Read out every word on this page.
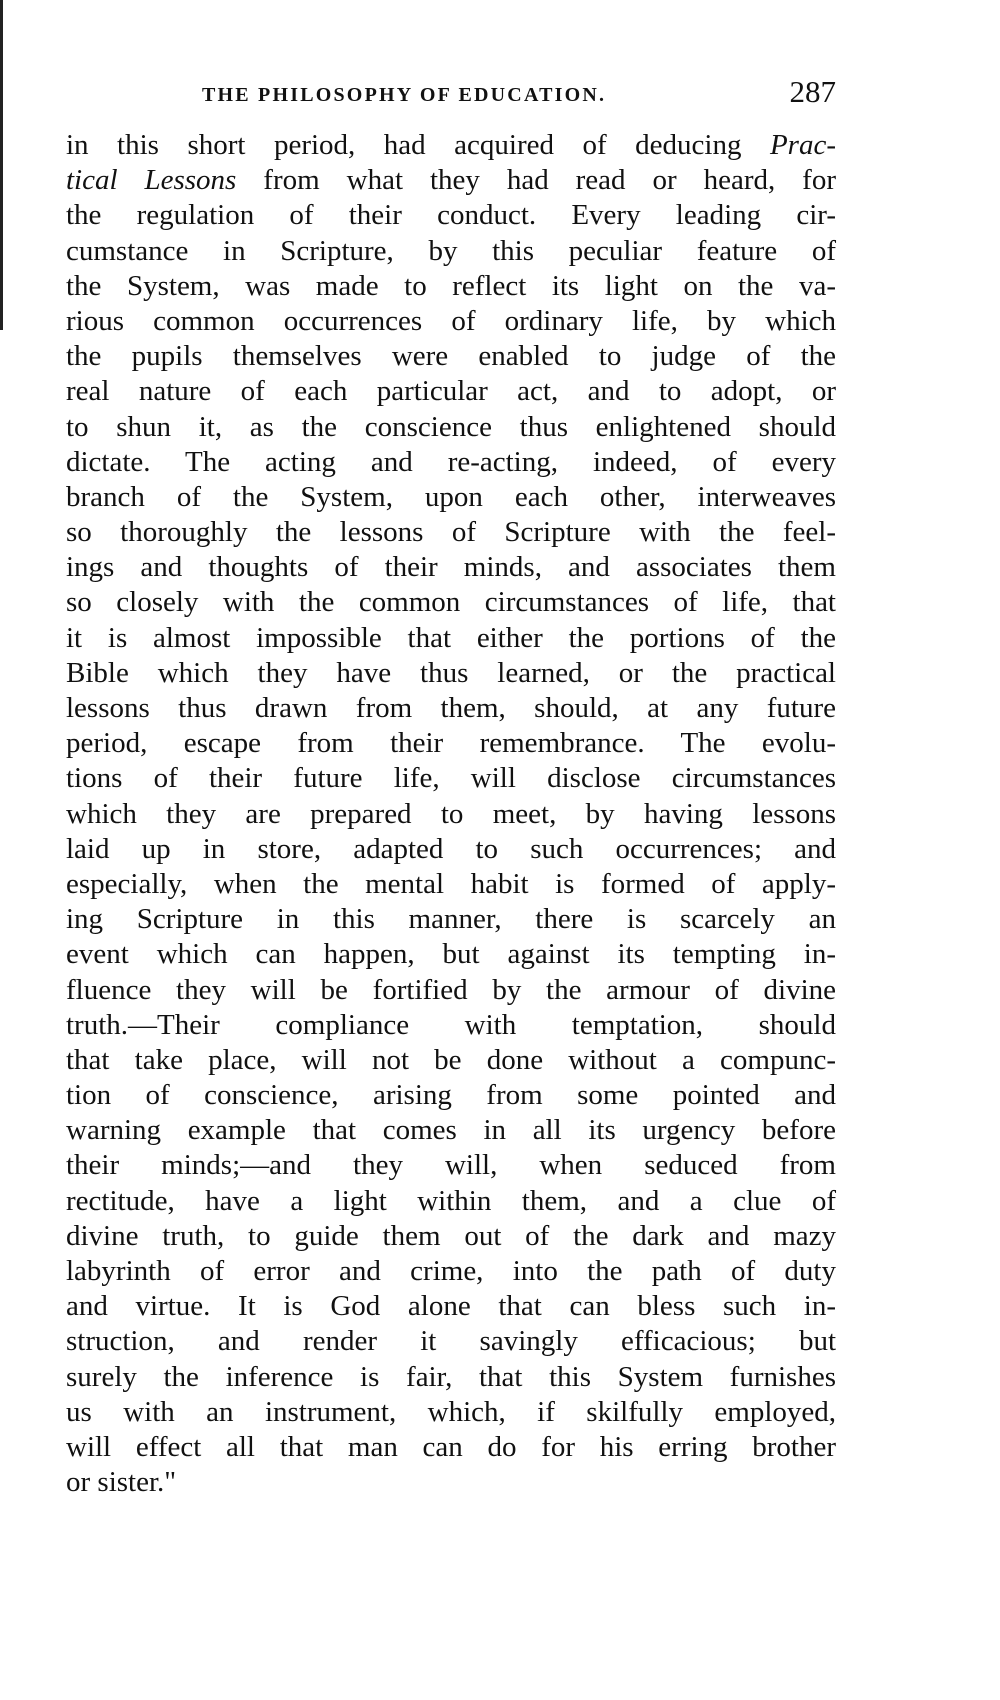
THE PHILOSOPHY OF EDUCATION.	287
in this short period, had acquired of deducing Prac-
tical Lessons from what they had read or heard, for
the regulation of their conduct. Every leading cir-
cumstance in Scripture, by this peculiar feature of
the System, was made to reflect its light on the va-
rious common occurrences of ordinary life, by which
the pupils themselves were enabled to judge of the
real nature of each particular act, and to adopt, or
to shun it, as the conscience thus enlightened should
dictate. The acting and re-acting, indeed, of every
branch of the System, upon each other, interweaves
so thoroughly the lessons of Scripture with the feel-
ings and thoughts of their minds, and associates them
so closely with the common circumstances of life, that
it is almost impossible that either the portions of the
Bible which they have thus learned, or the practical
lessons thus drawn from them, should, at any future
period, escape from their remembrance. The evolu-
tions of their future life, will disclose circumstances
which they are prepared to meet, by having lessons
laid up in store, adapted to such occurrences; and
especially, when the mental habit is formed of apply-
ing Scripture in this manner, there is scarcely an
event which can happen, but against its tempting in-
fluence they will be fortified by the armour of divine
truth.—Their compliance with temptation, should
that take place, will not be done without a compunc-
tion of conscience, arising from some pointed and
warning example that comes in all its urgency before
their minds;—and they will, when seduced from
rectitude, have a light within them, and a clue of
divine truth, to guide them out of the dark and mazy
labyrinth of error and crime, into the path of duty
and virtue. It is God alone that can bless such in-
struction, and render it savingly efficacious; but
surely the inference is fair, that this System furnishes
us with an instrument, which, if skilfully employed,
will effect all that man can do for his erring brother
or sister."
